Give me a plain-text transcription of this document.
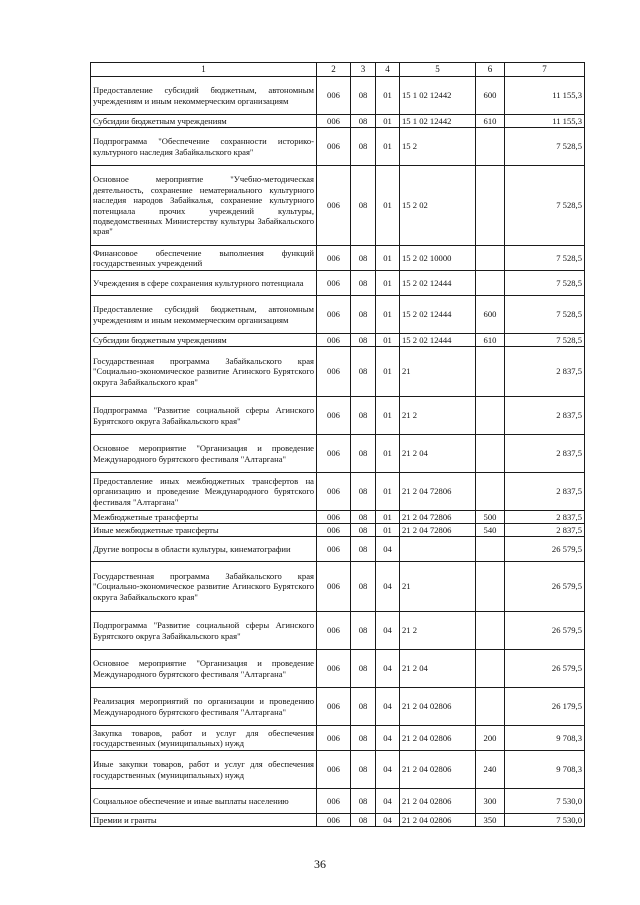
1	2	3	4	5	6	7
Предоставление субсидий бюджетным, автономным учреждениям и иным некоммерческим организациям	006	08	01	15 1 02 12442	600	11 155,3
Субсидии бюджетным учреждениям	006	08	01	15 1 02 12442	610	11 155,3
Подпрограмма "Обеспечение сохранности историко-культурного наследия Забайкальского края"	006	08	01	15 2		7 528,5
Основное мероприятие "Учебно-методическая деятельность, сохранение нематериального культурного наследия народов Забайкалья, сохранение культурного потенциала прочих учреждений культуры, подведомственных Министерству культуры Забайкальского края"	006	08	01	15 2 02		7 528,5
Финансовое обеспечение выполнения функций государственных учреждений	006	08	01	15 2 02 10000		7 528,5
Учреждения в сфере сохранения культурного потенциала	006	08	01	15 2 02 12444		7 528,5
Предоставление субсидий бюджетным, автономным учреждениям и иным некоммерческим организациям	006	08	01	15 2 02 12444	600	7 528,5
Субсидии бюджетным учреждениям	006	08	01	15 2 02 12444	610	7 528,5
Государственная программа Забайкальского края "Социально-экономическое развитие Агинского Бурятского округа Забайкальского края"	006	08	01	21		2 837,5
Подпрограмма "Развитие социальной сферы Агинского Бурятского округа Забайкальского края"	006	08	01	21 2		2 837,5
Основное мероприятие "Организация и проведение Международного бурятского фестиваля "Алтаргана"	006	08	01	21 2 04		2 837,5
Предоставление иных межбюджетных трансфертов на организацию и проведение Международного бурятского фестиваля "Алтаргана"	006	08	01	21 2 04 72806		2 837,5
Межбюджетные трансферты	006	08	01	21 2 04 72806	500	2 837,5
Иные межбюджетные трансферты	006	08	01	21 2 04 72806	540	2 837,5
Другие вопросы в области культуры, кинематографии	006	08	04			26 579,5
Государственная программа Забайкальского края "Социально-экономическое развитие Агинского Бурятского округа Забайкальского края"	006	08	04	21		26 579,5
Подпрограмма "Развитие социальной сферы Агинского Бурятского округа Забайкальского края"	006	08	04	21 2		26 579,5
Основное мероприятие "Организация и проведение Международного бурятского фестиваля "Алтаргана"	006	08	04	21 2 04		26 579,5
Реализация мероприятий по организации и проведению Международного бурятского фестиваля "Алтаргана"	006	08	04	21 2 04 02806		26 179,5
Закупка товаров, работ и услуг для обеспечения государственных (муниципальных) нужд	006	08	04	21 2 04 02806	200	9 708,3
Иные закупки товаров, работ и услуг для обеспечения государственных (муниципальных) нужд	006	08	04	21 2 04 02806	240	9 708,3
Социальное обеспечение и иные выплаты населению	006	08	04	21 2 04 02806	300	7 530,0
Премии и гранты	006	08	04	21 2 04 02806	350	7 530,0
36
